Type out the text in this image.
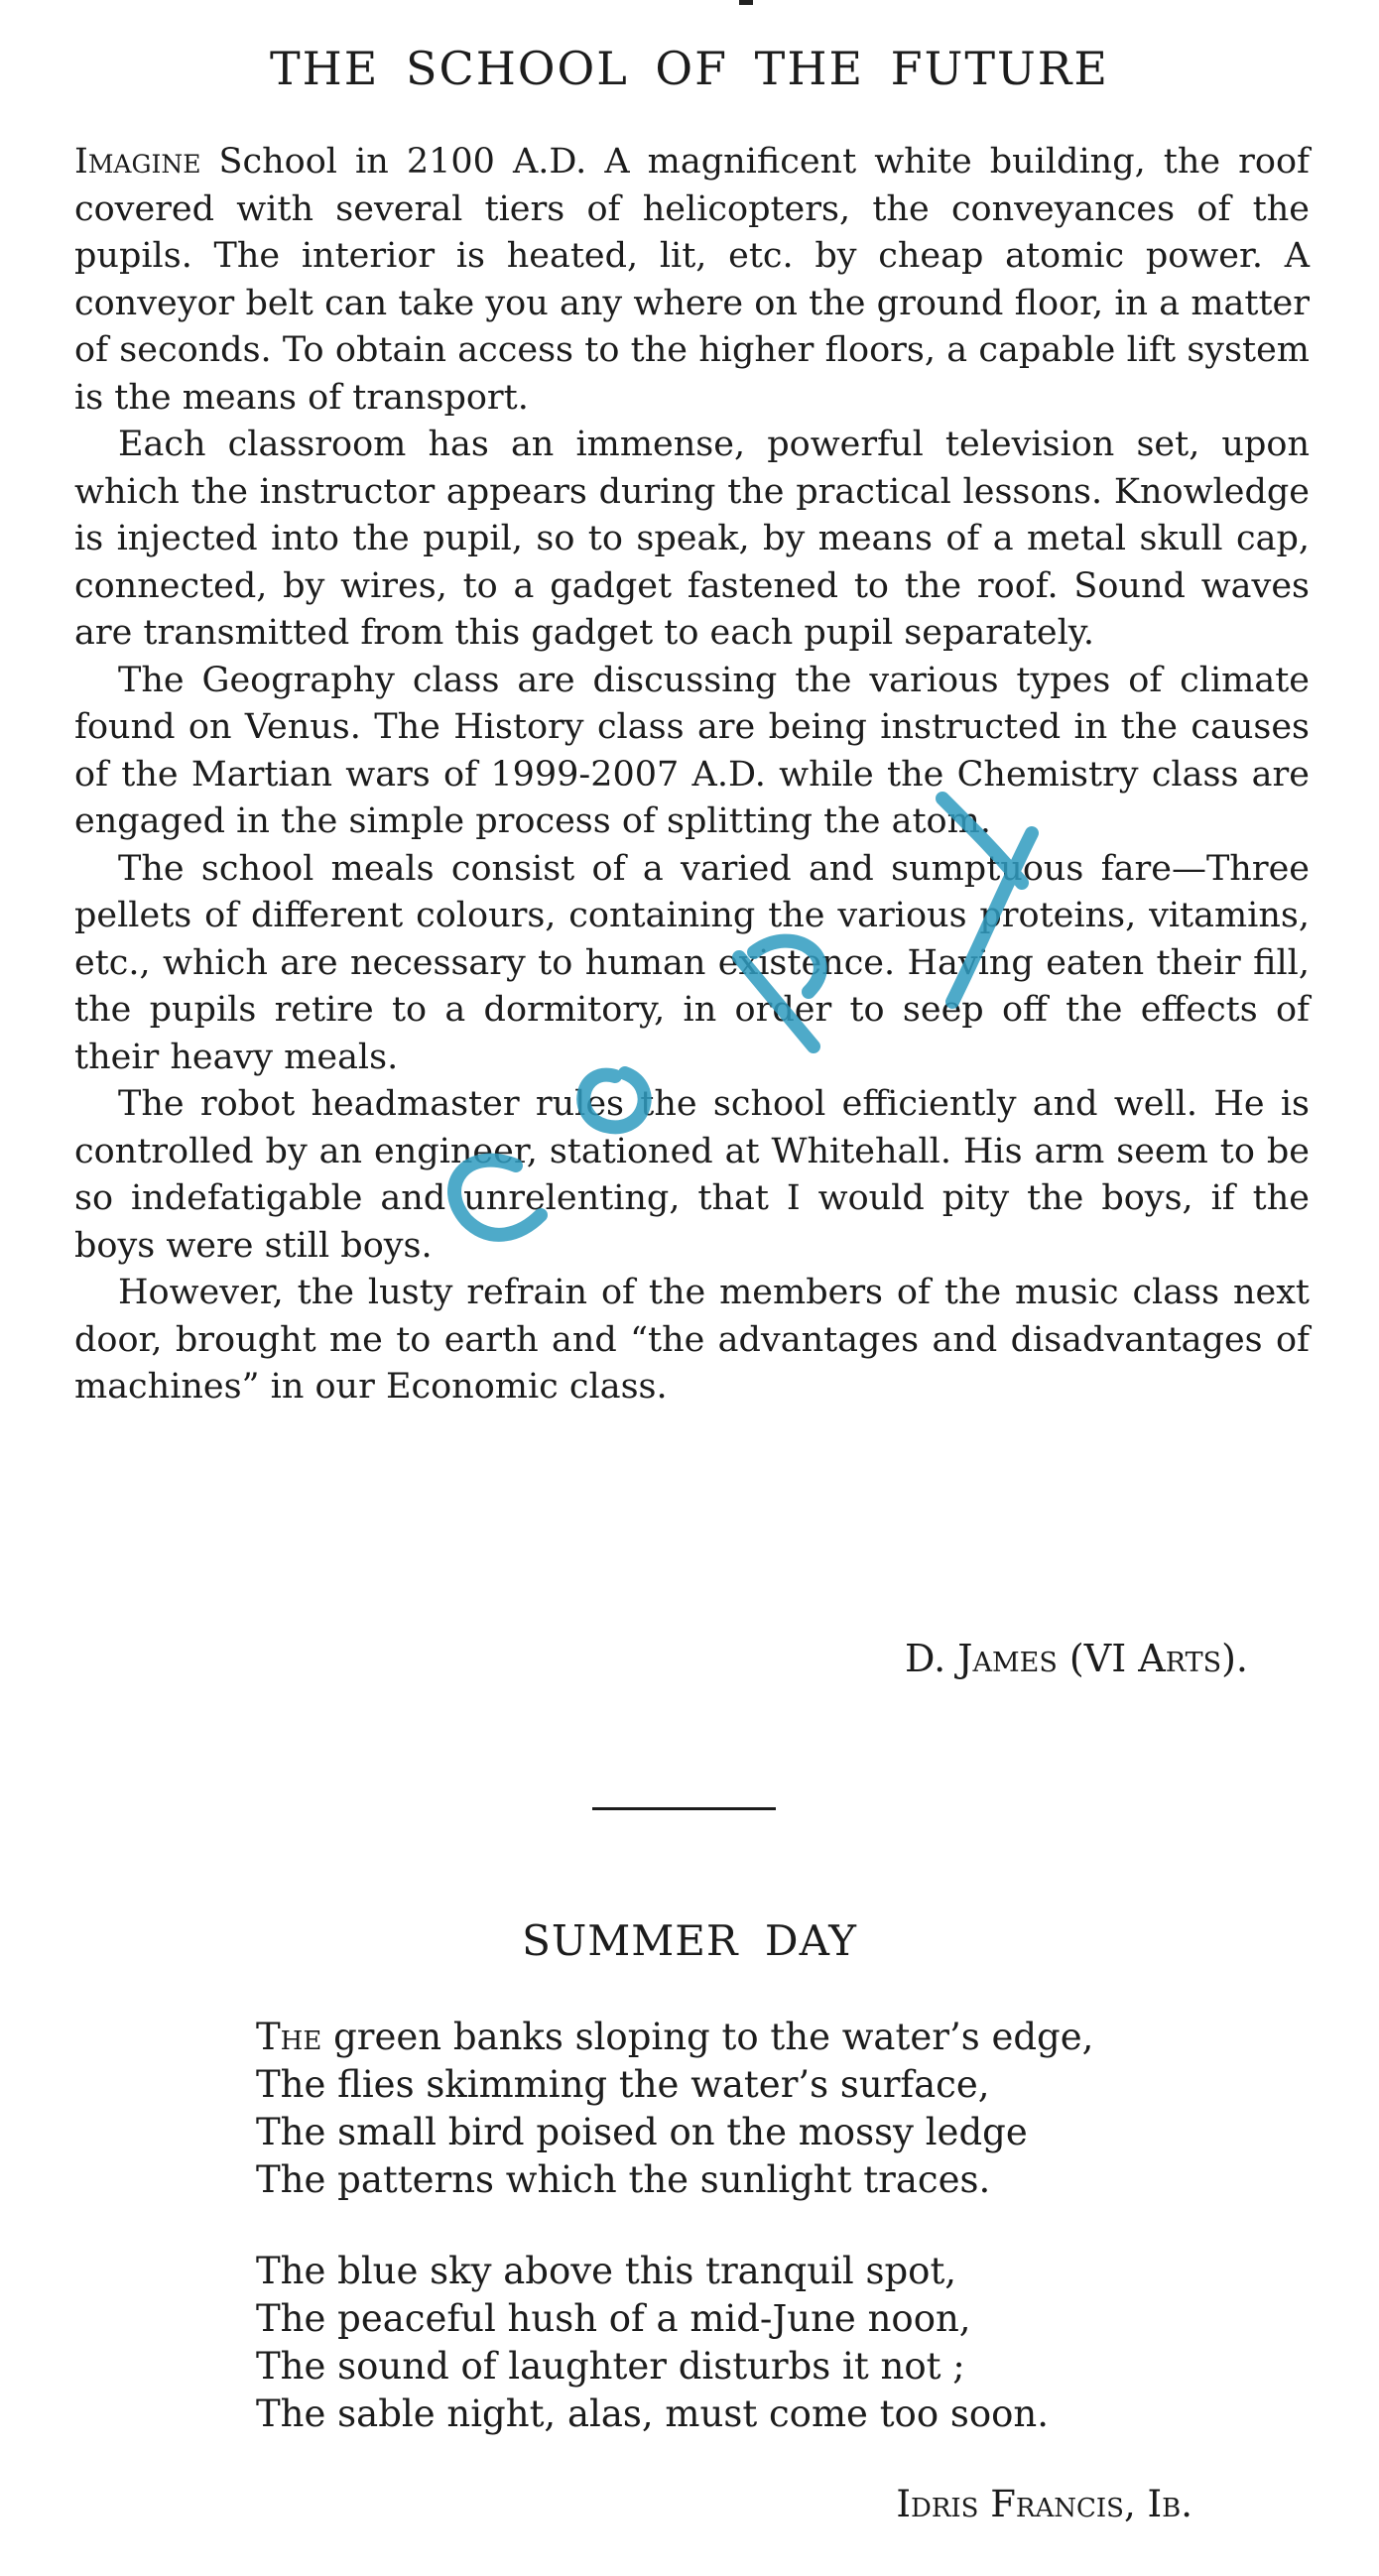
THE SCHOOL OF THE FUTURE

Imagine School in 2100 A.D. A magnificent white building, the roof covered with several tiers of helicopters, the conveyances of the pupils. The interior is heated, lit, etc. by cheap atomic power. A conveyor belt can take you any where on the ground floor, in a matter of seconds. To obtain access to the higher floors, a capable lift system is the means of transport.

Each classroom has an immense, powerful television set, upon which the instructor appears during the practical lessons. Knowledge is injected into the pupil, so to speak, by means of a metal skull cap, connected, by wires, to a gadget fastened to the roof. Sound waves are transmitted from this gadget to each pupil separately.

The Geography class are discussing the various types of climate found on Venus. The History class are being instructed in the causes of the Martian wars of 1999-2007 A.D. while the Chemistry class are engaged in the simple process of splitting the atom.

The school meals consist of a varied and sumptuous fare—Three pellets of different colours, containing the various proteins, vitamins, etc., which are necessary to human existence. Having eaten their fill, the pupils retire to a dormitory, in order to seep off the effects of their heavy meals.

The robot headmaster rules the school efficiently and well. He is controlled by an engineer, stationed at Whitehall. His arm seem to be so indefatigable and unrelenting, that I would pity the boys, if the boys were still boys.

However, the lusty refrain of the members of the music class next door, brought me to earth and “the advantages and disadvantages of machines” in our Economic class.

D. James (VI Arts).
SUMMER DAY
The green banks sloping to the water’s edge,
The flies skimming the water’s surface,
The small bird poised on the mossy ledge
The patterns which the sunlight traces.
The blue sky above this tranquil spot,
The peaceful hush of a mid-June noon,
The sound of laughter disturbs it not ;
The sable night, alas, must come too soon.
Idris Francis, Ib.
